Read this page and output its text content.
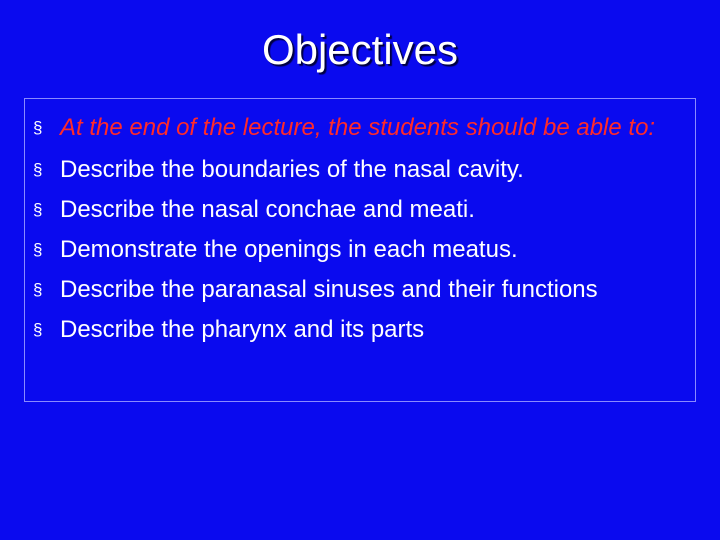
Objectives
§ At the end of the lecture, the students should be able to:
§ Describe the boundaries of the nasal cavity.
§ Describe the nasal conchae and meati.
§ Demonstrate the openings in each meatus.
§ Describe the paranasal sinuses and their functions
§ Describe the pharynx and its parts
